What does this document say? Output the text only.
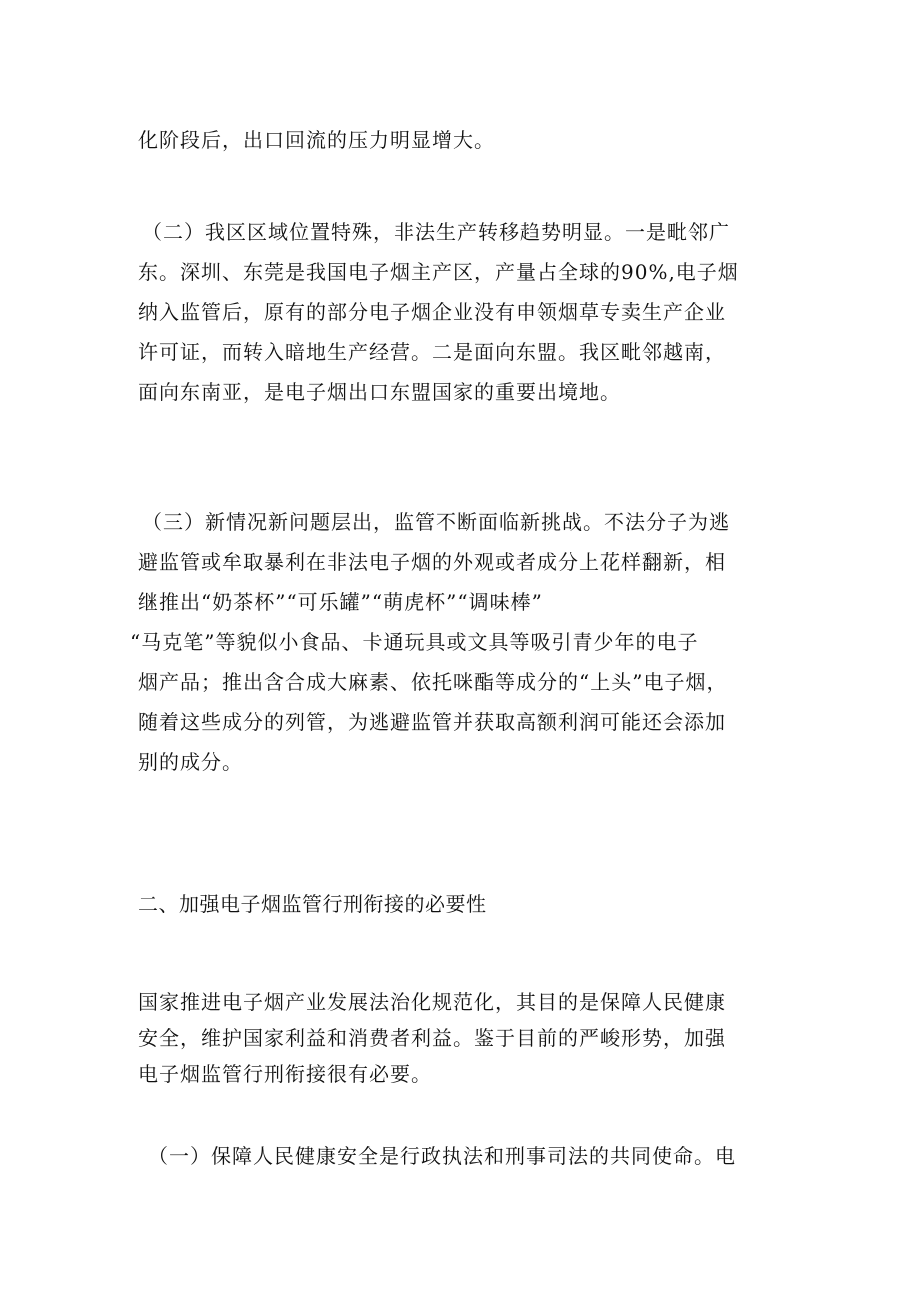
化阶段后，出口回流的压力明显增大。
（二）我区区域位置特殊，非法生产转移趋势明显。一是毗邻广
东。深圳、东莞是我国电子烟主产区，产量占全球的90%,电子烟
纳入监管后，原有的部分电子烟企业没有申领烟草专卖生产企业
许可证，而转入暗地生产经营。二是面向东盟。我区毗邻越南，
面向东南亚，是电子烟出口东盟国家的重要出境地。
（三）新情况新问题层出，监管不断面临新挑战。不法分子为逃
避监管或牟取暴利在非法电子烟的外观或者成分上花样翻新，相
继推出“奶茶杯”“可乐罐”“萌虎杯”“调味棒”
“马克笔”等貌似小食品、卡通玩具或文具等吸引青少年的电子
烟产品；推出含合成大麻素、依托咪酯等成分的“上头”电子烟，
随着这些成分的列管，为逃避监管并获取高额利润可能还会添加
别的成分。
二、加强电子烟监管行刑衔接的必要性
国家推进电子烟产业发展法治化规范化，其目的是保障人民健康
安全，维护国家利益和消费者利益。鉴于目前的严峻形势，加强
电子烟监管行刑衔接很有必要。
（一）保障人民健康安全是行政执法和刑事司法的共同使命。电
